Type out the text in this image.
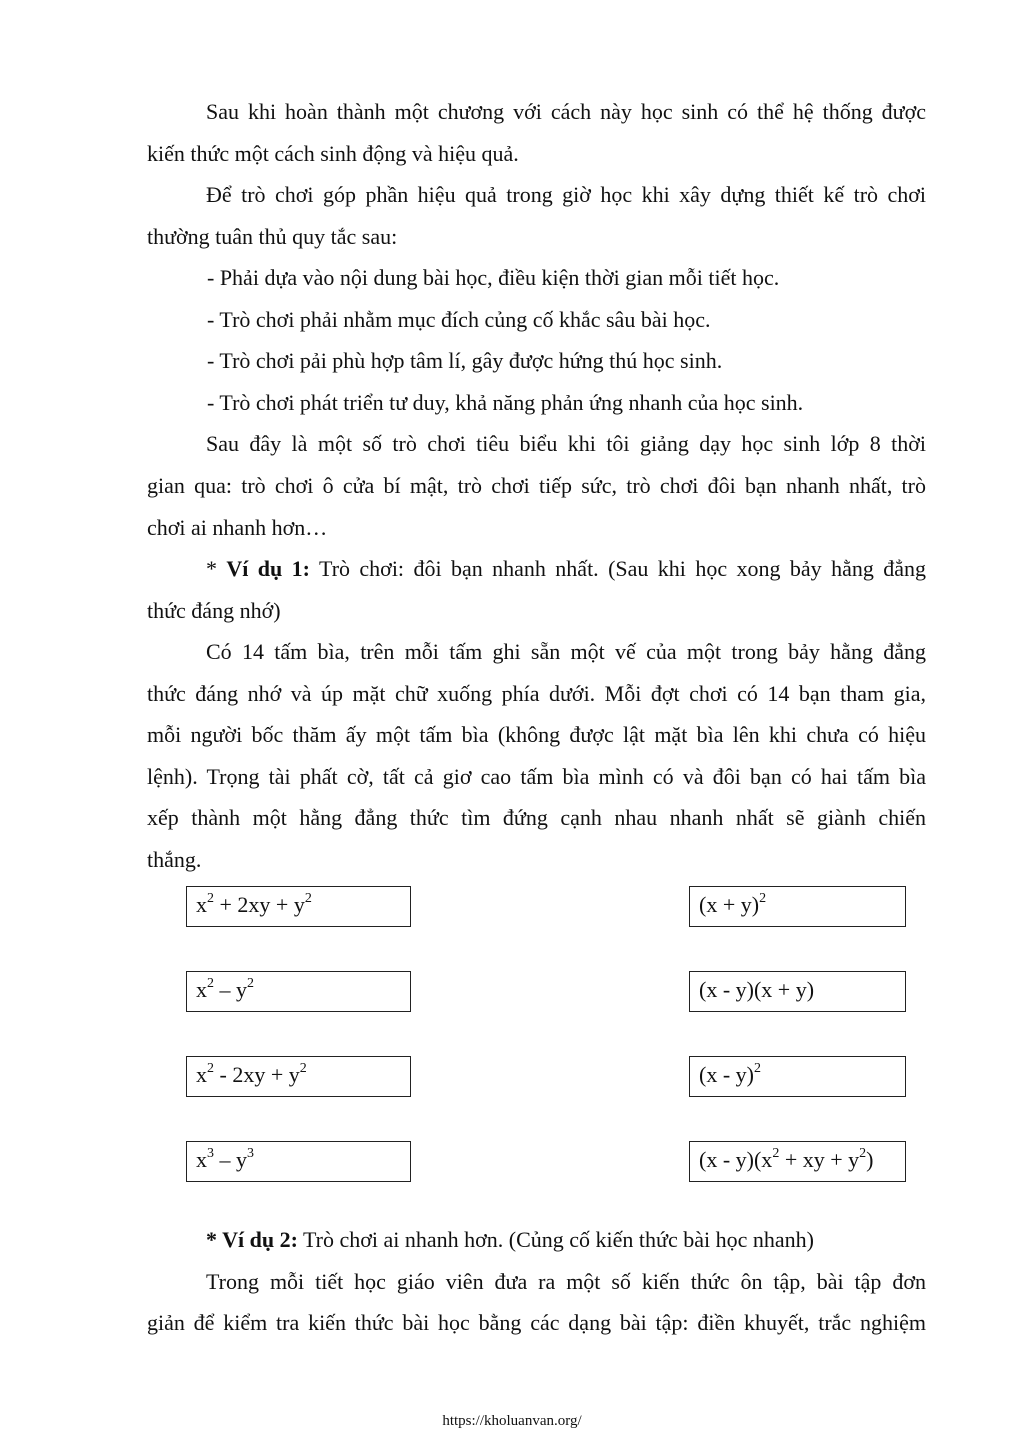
Sau khi hoàn thành một chương với cách này học sinh có thể hệ thống được
kiến thức một cách sinh động và hiệu quả.
Để trò chơi góp phần hiệu quả trong giờ học khi xây dựng thiết kế trò chơi
thường tuân thủ quy tắc sau:
- Phải dựa vào nội dung bài học, điều kiện thời gian mỗi tiết học.
- Trò chơi phải nhằm mục đích củng cố khắc sâu bài học.
- Trò chơi pải phù hợp tâm lí, gây được hứng thú học sinh.
- Trò chơi phát triển tư duy, khả năng phản ứng nhanh của học sinh.
Sau đây là một số trò chơi tiêu biểu khi tôi giảng dạy học sinh lớp 8 thời
gian qua: trò chơi ô cửa bí mật, trò chơi tiếp sức, trò chơi đôi bạn nhanh nhất, trò
chơi ai nhanh hơn…
* Ví dụ 1: Trò chơi: đôi bạn nhanh nhất. (Sau khi học xong bảy hằng đẳng
thức đáng nhớ)
Có 14 tấm bìa, trên mỗi tấm ghi sẵn một vế của một trong bảy hằng đẳng
thức đáng nhớ và úp mặt chữ xuống phía dưới. Mỗi đợt chơi có 14 bạn tham gia,
mỗi người bốc thăm ấy một tấm bìa (không được lật mặt bìa lên khi chưa có hiệu
lệnh). Trọng tài phất cờ, tất cả giơ cao tấm bìa mình có và đôi bạn có hai tấm bìa
xếp thành một hằng đẳng thức tìm đứng cạnh nhau nhanh nhất sẽ giành chiến
thắng.
$x^2 + 2xy + y^2$
$x^2 - y^2$
$x^2 - 2xy + y^2$
$x^3 - y^3$
$(x + y)^2$
(x - y)(x + y)
(x - y)$^2$
$(x - y)(x^2$ + xy + $y^2$)
* Ví dụ 2: Trò chơi ai nhanh hơn. (Củng cố kiến thức bài học nhanh)
Trong mỗi tiết học giáo viên đưa ra một số kiến thức ôn tập, bài tập đơn
giản để kiểm tra kiến thức bài học bằng các dạng bài tập: điền khuyết, trắc nghiệm
https://kholuanvan.org/
